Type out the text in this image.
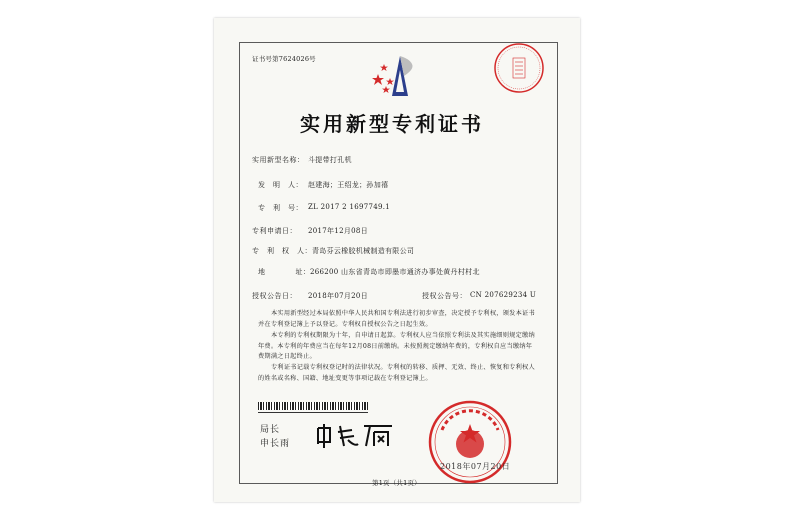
证书号第7624026号
实用新型专利证书
实用新型名称： 斗提带打孔机
发　明　人： 赵建海；王绍龙；孙加禧
专　利　号： ZL 2017 2 1697749.1
专利申请日： 2017年12月08日
专　利　权　人： 青岛芬云橡胶机械制造有限公司
地　　　　址： 266200 山东省青岛市即墨市通济办事处黄丹村村北
授权公告日： 2018年07月20日	授权公告号： CN 207629234 U
本实用新型经过本局依照中华人民共和国专利法进行初步审查，决定授予专利权，颁发本证书并在专利登记簿上予以登记。专利权自授权公告之日起生效。
本专利的专利权期限为十年，自申请日起算。专利权人应当依照专利法及其实施细则规定缴纳年费。本专利的年费应当在每年12月08日前缴纳。未按照规定缴纳年费的，专利权自应当缴纳年费期满之日起终止。
专利证书记载专利权登记时的法律状况。专利权的转移、质押、无效、终止、恢复和专利权人的姓名或名称、国籍、地址变更等事项记载在专利登记簿上。
局长
申长雨
2018年07月20日
第1页（共1页）
